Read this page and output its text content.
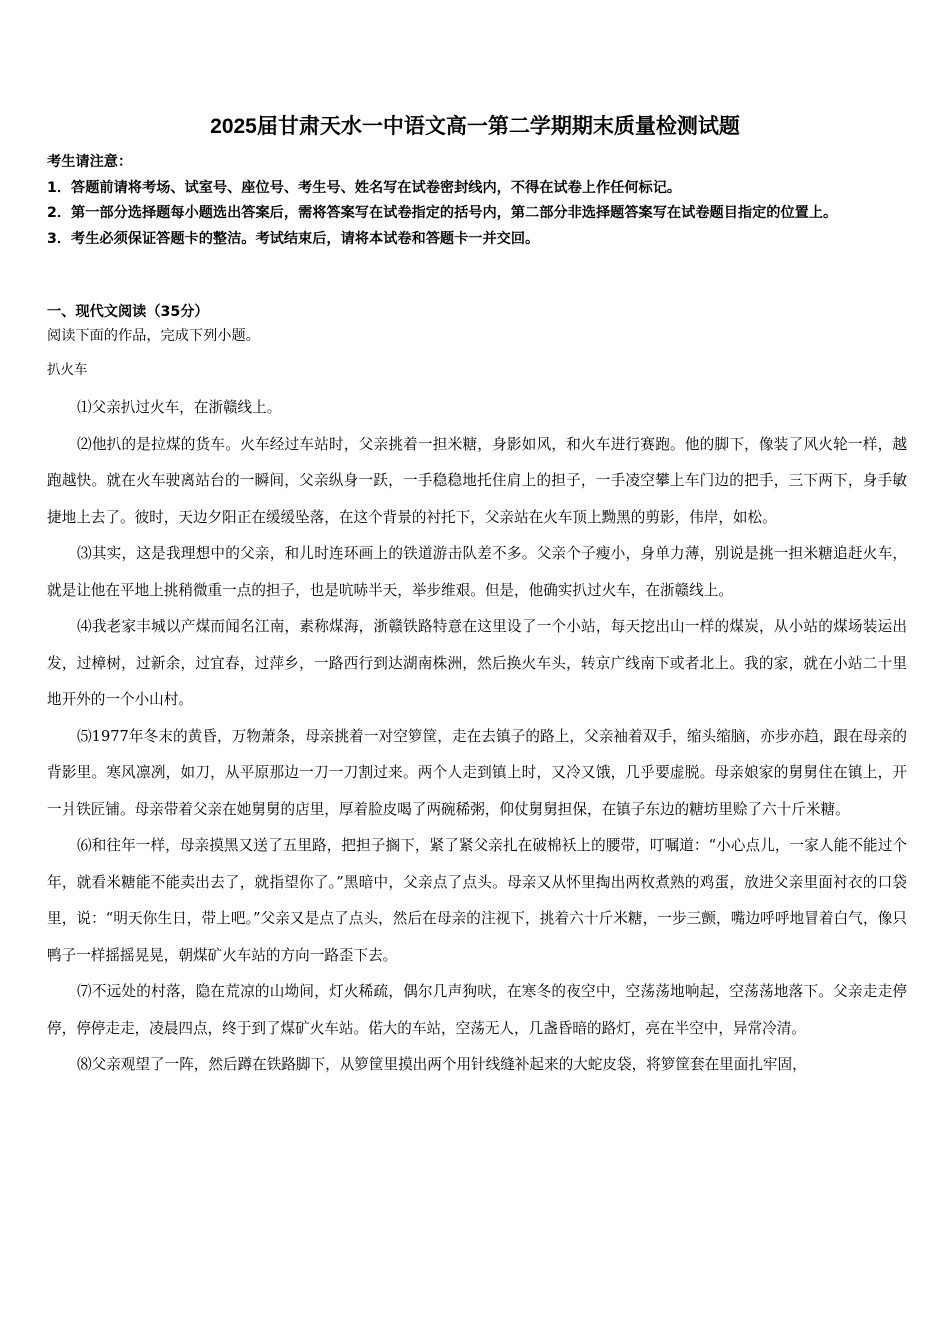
2025届甘肃天水一中语文高一第二学期期末质量检测试题
考生请注意：
1．答题前请将考场、试室号、座位号、考生号、姓名写在试卷密封线内，不得在试卷上作任何标记。
2．第一部分选择题每小题选出答案后，需将答案写在试卷指定的括号内，第二部分非选择题答案写在试卷题目指定的位置上。
3．考生必须保证答题卡的整洁。考试结束后，请将本试卷和答题卡一并交回。
一、现代文阅读（35分）
阅读下面的作品，完成下列小题。
扒火车

⑴父亲扒过火车，在浙赣线上。

⑵他扒的是拉煤的货车。火车经过车站时，父亲挑着一担米糖，身影如风，和火车进行赛跑。他的脚下，像装了风火轮一样，越跑越快。就在火车驶离站台的一瞬间，父亲纵身一跃，一手稳稳地托住肩上的担子，一手凌空攀上车门边的把手，三下两下，身手敏捷地上去了。彼时，天边夕阳正在缓缓坠落，在这个背景的衬托下，父亲站在火车顶上黝黑的剪影，伟岸，如松。

⑶其实，这是我理想中的父亲，和儿时连环画上的铁道游击队差不多。父亲个子瘦小，身单力薄，别说是挑一担米糖追赶火车，就是让他在平地上挑稍微重一点的担子，也是吭哧半天，举步维艰。但是，他确实扒过火车，在浙赣线上。

⑷我老家丰城以产煤而闻名江南，素称煤海，浙赣铁路特意在这里设了一个小站，每天挖出山一样的煤炭，从小站的煤场装运出发，过樟树，过新余，过宜春，过萍乡，一路西行到达湖南株洲，然后换火车头，转京广线南下或者北上。我的家，就在小站二十里地开外的一个小山村。

⑸1977年冬末的黄昏，万物萧条，母亲挑着一对空箩筐，走在去镇子的路上，父亲袖着双手，缩头缩脑，亦步亦趋，跟在母亲的背影里。寒风凛冽，如刀，从平原那边一刀一刀割过来。两个人走到镇上时，又冷又饿，几乎要虚脱。母亲娘家的舅舅住在镇上，开一爿铁匠铺。母亲带着父亲在她舅舅的店里，厚着脸皮喝了两碗稀粥，仰仗舅舅担保，在镇子东边的糖坊里赊了六十斤米糖。

⑹和往年一样，母亲摸黑又送了五里路，把担子搁下，紧了紧父亲扎在破棉袄上的腰带，叮嘱道：“小心点儿，一家人能不能过个年，就看米糖能不能卖出去了，就指望你了。”黑暗中，父亲点了点头。母亲又从怀里掏出两枚煮熟的鸡蛋，放进父亲里面衬衣的口袋里，说：“明天你生日，带上吧。”父亲又是点了点头，然后在母亲的注视下，挑着六十斤米糖，一步三颤，嘴边呼呼地冒着白气，像只鸭子一样摇摇晃晃，朝煤矿火车站的方向一路歪下去。

⑺不远处的村落，隐在荒凉的山坳间，灯火稀疏，偶尔几声狗吠，在寒冬的夜空中，空荡荡地响起，空荡荡地落下。父亲走走停停，停停走走，凌晨四点，终于到了煤矿火车站。偌大的车站，空荡无人，几盏昏暗的路灯，亮在半空中，异常冷清。

⑻父亲观望了一阵，然后蹲在铁路脚下，从箩筐里摸出两个用针线缝补起来的大蛇皮袋，将箩筐套在里面扎牢固，
